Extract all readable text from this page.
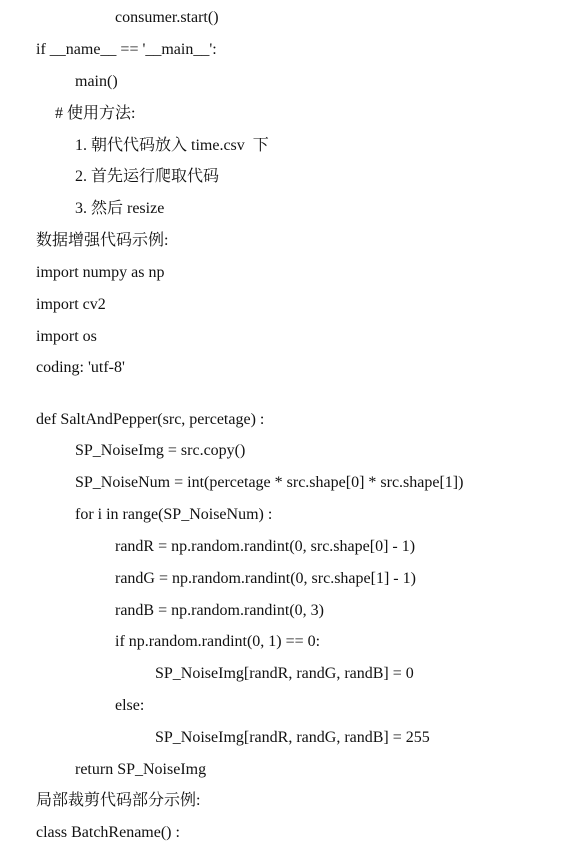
consumer.start()
if __name__ == '__main__':
main()
# 使用方法:
1. 朝代代码放入 time.csv  下
2. 首先运行爬取代码
3. 然后 resize
数据增强代码示例:
import numpy as np
import cv2
import os
coding: 'utf-8'
def SaltAndPepper(src, percetage) :
SP_NoiseImg = src.copy()
SP_NoiseNum = int(percetage * src.shape[0] * src.shape[1])
for i in range(SP_NoiseNum) :
randR = np.random.randint(0, src.shape[0] - 1)
randG = np.random.randint(0, src.shape[1] - 1)
randB = np.random.randint(0, 3)
if np.random.randint(0, 1) == 0:
SP_NoiseImg[randR, randG, randB] = 0
else:
SP_NoiseImg[randR, randG, randB] = 255
return SP_NoiseImg
局部裁剪代码部分示例:
class BatchRename() :
